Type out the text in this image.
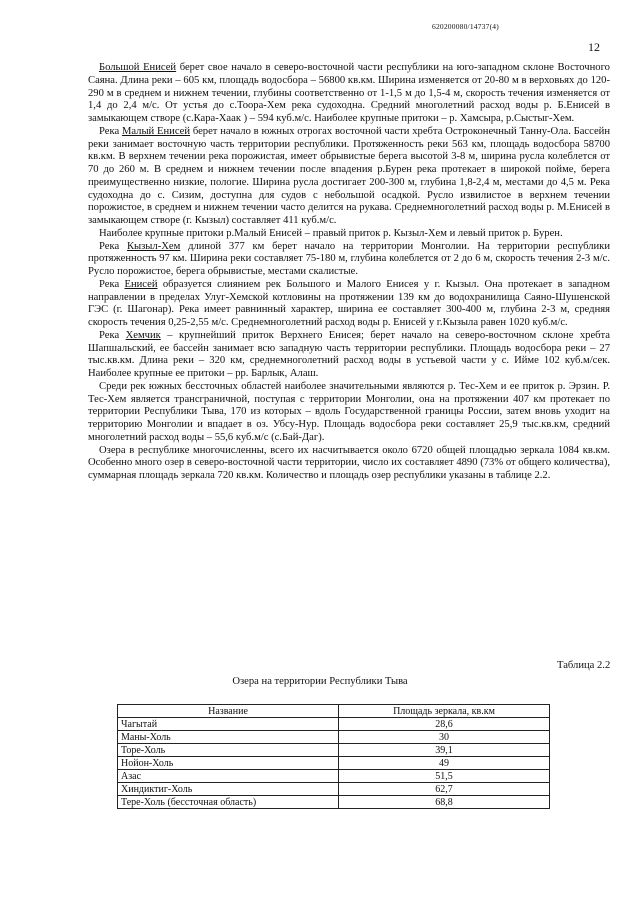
620200080/14737(4)
12

Большой Енисей берет свое начало в северо-восточной части республики на юго-западном склоне Восточного Саяна. Длина реки – 605 км, площадь водосбора – 56800 кв.км. Ширина изменяется от 20-80 м в верховьях до 120-290 м в среднем и нижнем течении, глубины соответственно от 1-1,5 м до 1,5-4 м, скорость течения изменяется от 1,4 до 2,4 м/с. От устья до с.Тоора-Хем река судоходна. Средний многолетний расход воды р. Б.Енисей в замыкающем створе (с.Кара-Хаак ) – 594 куб.м/с. Наиболее крупные притоки – р. Хамсыра, р.Сыстыг-Хем.

Река Малый Енисей берет начало в южных отрогах восточной части хребта Остроконечный Танну-Ола. Бассейн реки занимает восточную часть территории республики. Протяженность реки 563 км, площадь водосбора 58700 кв.км. В верхнем течении река порожистая, имеет обрывистые берега высотой 3-8 м, ширина русла колеблется от 70 до 260 м. В среднем и нижнем течении после впадения р.Бурен река протекает в широкой пойме, берега преимущественно низкие, пологие. Ширина русла достигает 200-300 м, глубина 1,8-2,4 м, местами до 4,5 м. Река судоходна до с. Сизим, доступна для судов с небольшой осадкой. Русло извилистое в верхнем течении порожистое, в среднем и нижнем течении часто делится на рукава. Среднемноголетний расход воды р. М.Енисей в замыкающем створе (г. Кызыл) составляет 411 куб.м/с.

Наиболее крупные притоки р.Малый Енисей – правый приток р. Кызыл-Хем и левый приток р. Бурен.

Река Кызыл-Хем длиной 377 км берет начало на территории Монголии. На территории республики протяженность 97 км. Ширина реки составляет 75-180 м, глубина колеблется от 2 до 6 м, скорость течения 2-3 м/с. Русло порожистое, берега обрывистые, местами скалистые.

Река Енисей образуется слиянием рек Большого и Малого Енисея у г. Кызыл. Она протекает в западном направлении в пределах Улуг-Хемской котловины на протяжении 139 км до водохранилища Саяно-Шушенской ГЭС (г. Шагонар). Река имеет равнинный характер, ширина ее составляет 300-400 м, глубина 2-3 м, средняя скорость течения 0,25-2,55 м/с. Среднемноголетний расход воды р. Енисей у г.Кызыла равен 1020 куб.м/с.

Река Хемчик – крупнейший приток Верхнего Енисея; берет начало на северо-восточном склоне хребта Шапшальский, ее бассейн занимает всю западную часть территории республики. Площадь водосбора реки – 27 тыс.кв.км. Длина реки – 320 км, среднемноголетний расход воды в устьевой части у с. Ийме 102 куб.м/сек. Наиболее крупные ее притоки – рр. Барлык, Алаш.

Среди рек южных бессточных областей наиболее значительными являются р. Тес-Хем и ее приток р. Эрзин. Р. Тес-Хем является трансграничной, поступая с территории Монголии, она на протяжении 407 км протекает по территории Республики Тыва, 170 из которых – вдоль Государственной границы России, затем вновь уходит на территорию Монголии и впадает в оз. Убсу-Нур. Площадь водосбора реки составляет 25,9 тыс.кв.км, средний многолетний расход воды – 55,6 куб.м/с (с.Бай-Даг).

Озера в республике многочисленны, всего их насчитывается около 6720 общей площадью зеркала 1084 кв.км. Особенно много озер в северо-восточной части территории, число их составляет 4890 (73% от общего количества), суммарная площадь зеркала 720 кв.км. Количество и площадь озер республики указаны в таблице 2.2.

Таблица 2.2
Озера на территории Республики Тыва
Название	Площадь зеркала, кв.км
Чагытай	28,6
Маны-Холь	30
Торе-Холь	39,1
Нойон-Холь	49
Азас	51,5
Хиндиктиг-Холь	62,7
Тере-Холь (бессточная область)	68,8
